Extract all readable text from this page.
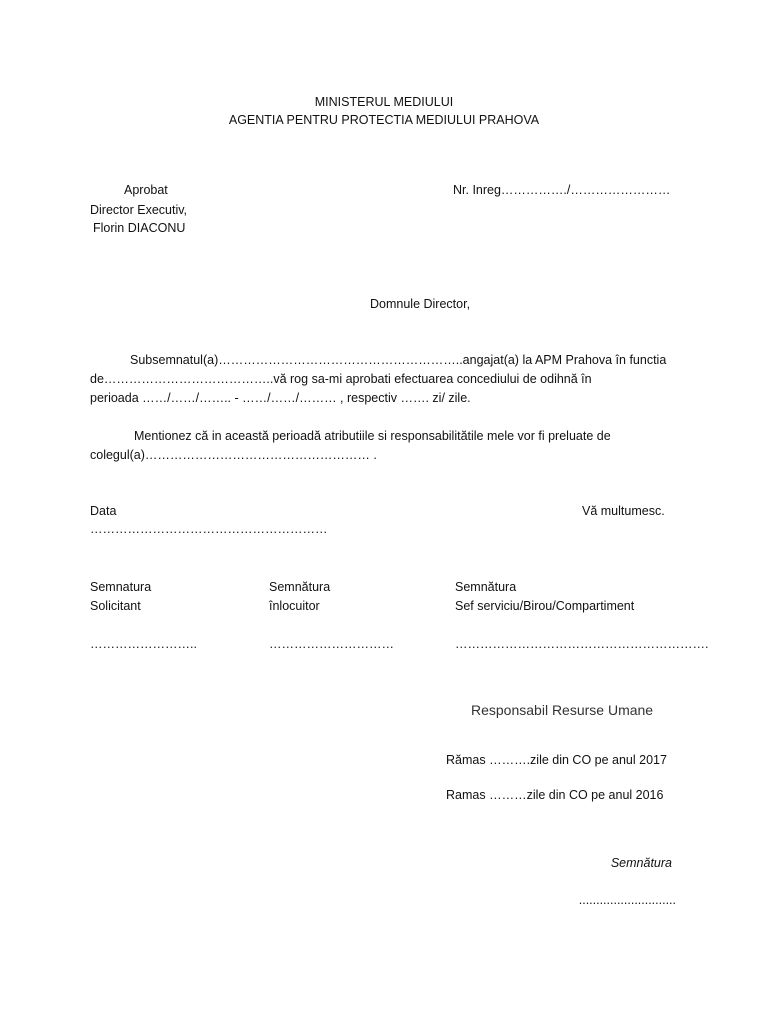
MINISTERUL MEDIULUI
AGENTIA PENTRU PROTECTIA MEDIULUI PRAHOVA
Aprobat
Director Executiv,
Florin DIACONU
Nr. Inreg……………./……………………
Domnule Director,
Subsemnatul(a)…………………………………………………..angajat(a) la APM Prahova în functia
de…………………………………..vă rog sa-mi aprobati efectuarea concediului de odihnă în
perioada ……/……/…….. - ……/……/……… , respectiv ……. zi/ zile.
Mentionez că in această perioadă atributiile si responsabilitătile mele vor fi preluate de
colegul(a)……………………………………………… .
Data
…………………………………………………
Vă multumesc.
Semnatura
Solicitant
……………………..
Semnătura
înlocuitor
…………………………
Semnătura
Sef serviciu/Birou/Compartiment
…………………………………………………….
Responsabil Resurse Umane
Rămas ……….zile din CO pe anul 2017
Ramas ………zile din CO pe anul 2016
Semnătura
............................
